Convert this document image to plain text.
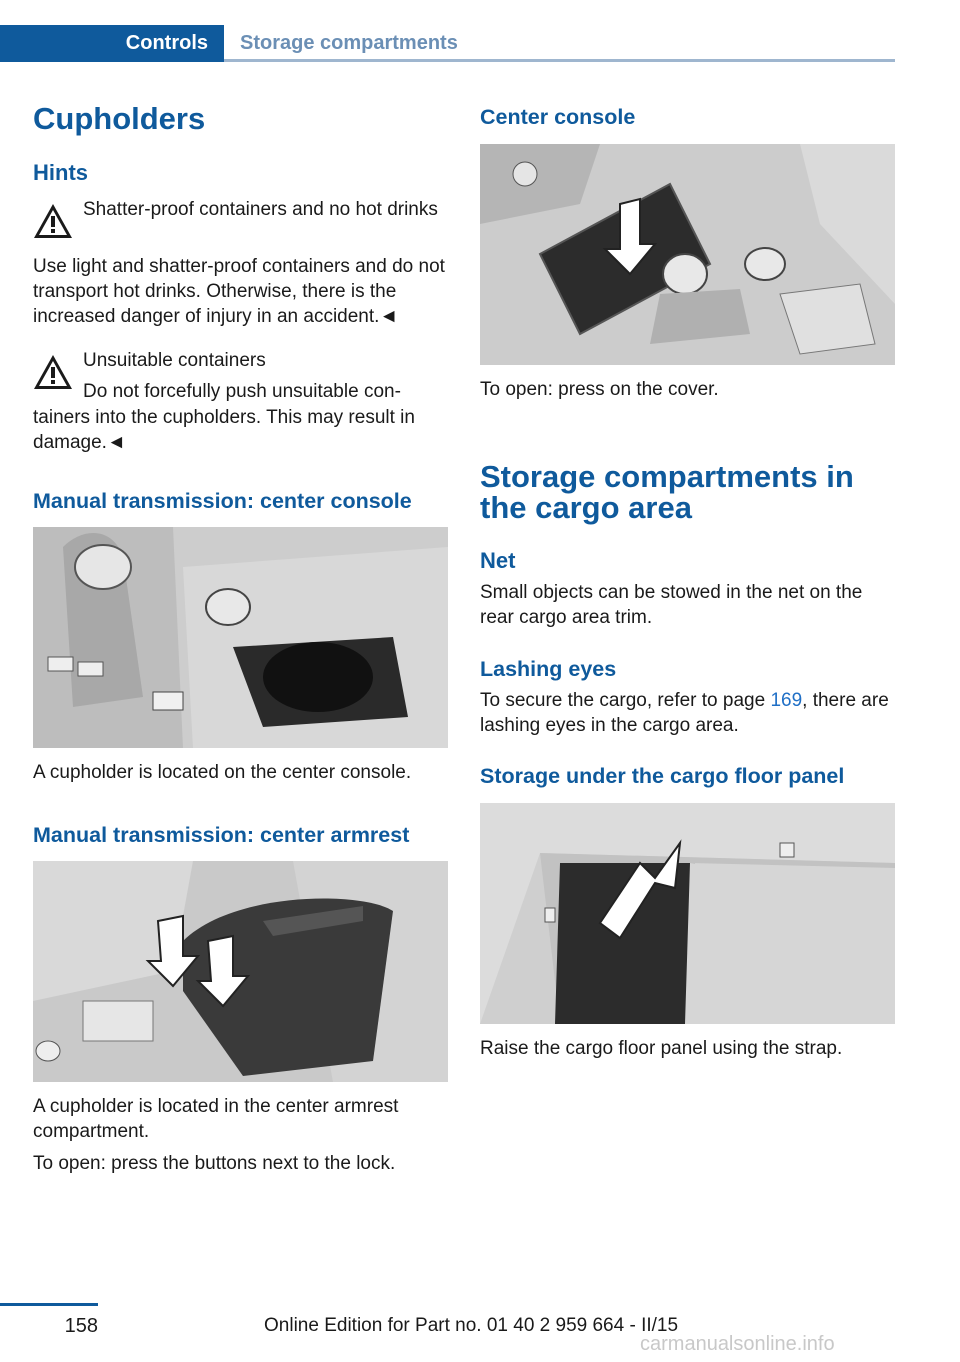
Controls	Storage compartments
Cupholders
Hints

Shatter-proof containers and no hot drinks

Use light and shatter-proof containers and do not transport hot drinks. Otherwise, there is the increased danger of injury in an accident.◄

Unsuitable containers

Do not forcefully push unsuitable con-

tainers into the cupholders. This may result in damage.◄

Manual transmission: center console

A cupholder is located on the center console.

Manual transmission: center armrest

A cupholder is located in the center armrest compartment.

To open: press the buttons next to the lock.

Center console

To open: press on the cover.

Storage compartments in the cargo area
Net

Small objects can be stowed in the net on the rear cargo area trim.

Lashing eyes

To secure the cargo, refer to page 169, there are lashing eyes in the cargo area.

Storage under the cargo floor panel

Raise the cargo floor panel using the strap.

158	Online Edition for Part no. 01 40 2 959 664 - II/15
carmanualsonline.info
